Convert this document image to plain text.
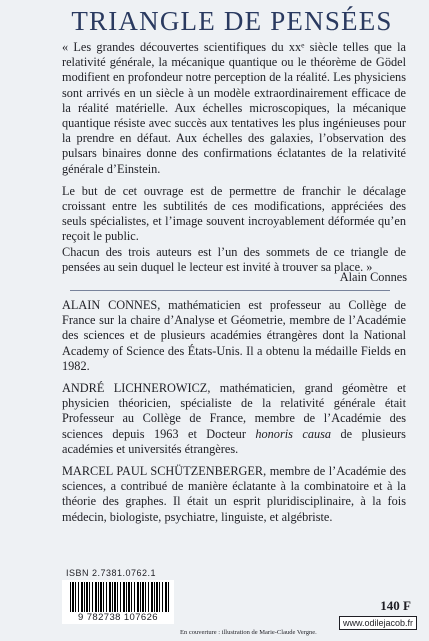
TRIANGLE DE PENSÉES

« Les grandes découvertes scientifiques du xxᵉ siècle telles que la relativité générale, la mécanique quantique ou le théorème de Gödel modifient en profondeur notre perception de la réalité. Les physiciens sont arrivés en un siècle à un modèle extraordinairement efficace de la réalité matérielle. Aux échelles microscopiques, la mécanique quantique résiste avec succès aux tentatives les plus ingénieuses pour la prendre en défaut. Aux échelles des galaxies, l’observation des pulsars binaires donne des confirmations éclatantes de la relativité générale d’Einstein.

Le but de cet ouvrage est de permettre de franchir le décalage croissant entre les subtilités de ces modifications, appréciées des seuls spécialistes, et l’image souvent incroyablement déformée qu’en reçoit le public.

Chacun des trois auteurs est l’un des sommets de ce triangle de pensées au sein duquel le lecteur est invité à trouver sa place. »

Alain Connes

ALAIN CONNES, mathématicien est professeur au Collège de France sur la chaire d’Analyse et Géometrie, membre de l’Académie des sciences et de plusieurs académies étrangères dont la National Academy of Science des États-Unis. Il a obtenu la médaille Fields en 1982.

ANDRÉ LICHNEROWICZ, mathématicien, grand géomètre et physicien théoricien, spécialiste de la relativité générale était Professeur au Collège de France, membre de l’Académie des sciences depuis 1963 et Docteur honoris causa de plusieurs académies et universités étrangères.

MARCEL PAUL SCHÜTZENBERGER, membre de l’Académie des sciences, a contribué de manière éclatante à la combinatoire et à la théorie des graphes. Il était un esprit pluridisciplinaire, à la fois médecin, biologiste, psychiatre, linguiste, et algébriste.

ISBN 2.7381.0762.1
9 782738 107626
140 F
En couverture : illustration de Marie-Claude Vergne.
www.odilejacob.fr
